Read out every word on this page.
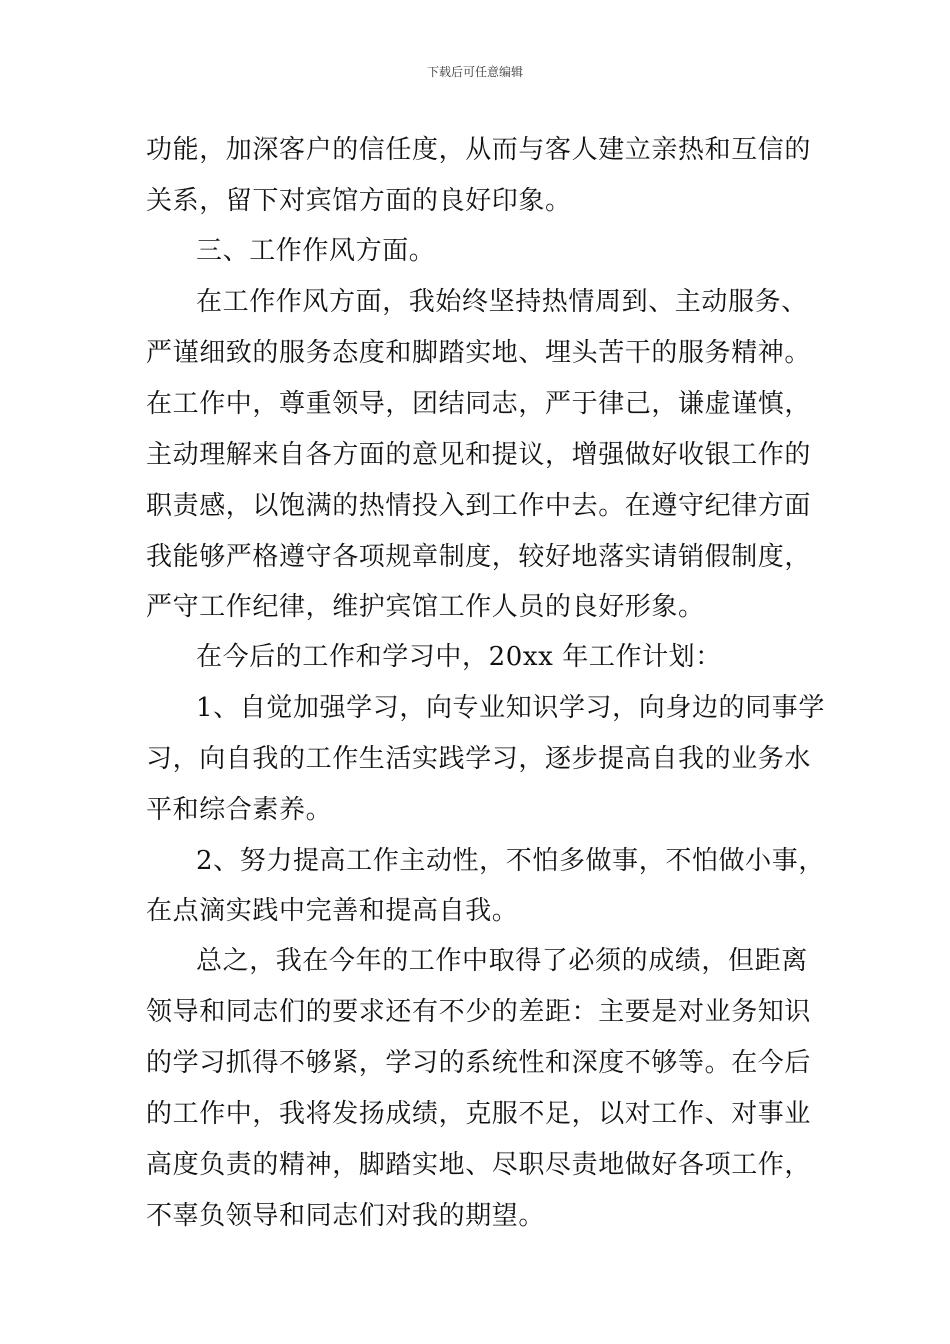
下载后可任意编辑
功能，加深客户的信任度，从而与客人建立亲热和互信的
关系，留下对宾馆方面的良好印象。
三、工作作风方面。
在工作作风方面，我始终坚持热情周到、主动服务、
严谨细致的服务态度和脚踏实地、埋头苦干的服务精神。
在工作中，尊重领导，团结同志，严于律己，谦虚谨慎，
主动理解来自各方面的意见和提议，增强做好收银工作的
职责感，以饱满的热情投入到工作中去。在遵守纪律方面
我能够严格遵守各项规章制度，较好地落实请销假制度，
严守工作纪律，维护宾馆工作人员的良好形象。
在今后的工作和学习中，20xx 年工作计划：
1、自觉加强学习，向专业知识学习，向身边的同事学
习，向自我的工作生活实践学习，逐步提高自我的业务水
平和综合素养。
2、努力提高工作主动性，不怕多做事，不怕做小事，
在点滴实践中完善和提高自我。
总之，我在今年的工作中取得了必须的成绩，但距离
领导和同志们的要求还有不少的差距：主要是对业务知识
的学习抓得不够紧，学习的系统性和深度不够等。在今后
的工作中，我将发扬成绩，克服不足，以对工作、对事业
高度负责的精神，脚踏实地、尽职尽责地做好各项工作，
不辜负领导和同志们对我的期望。
